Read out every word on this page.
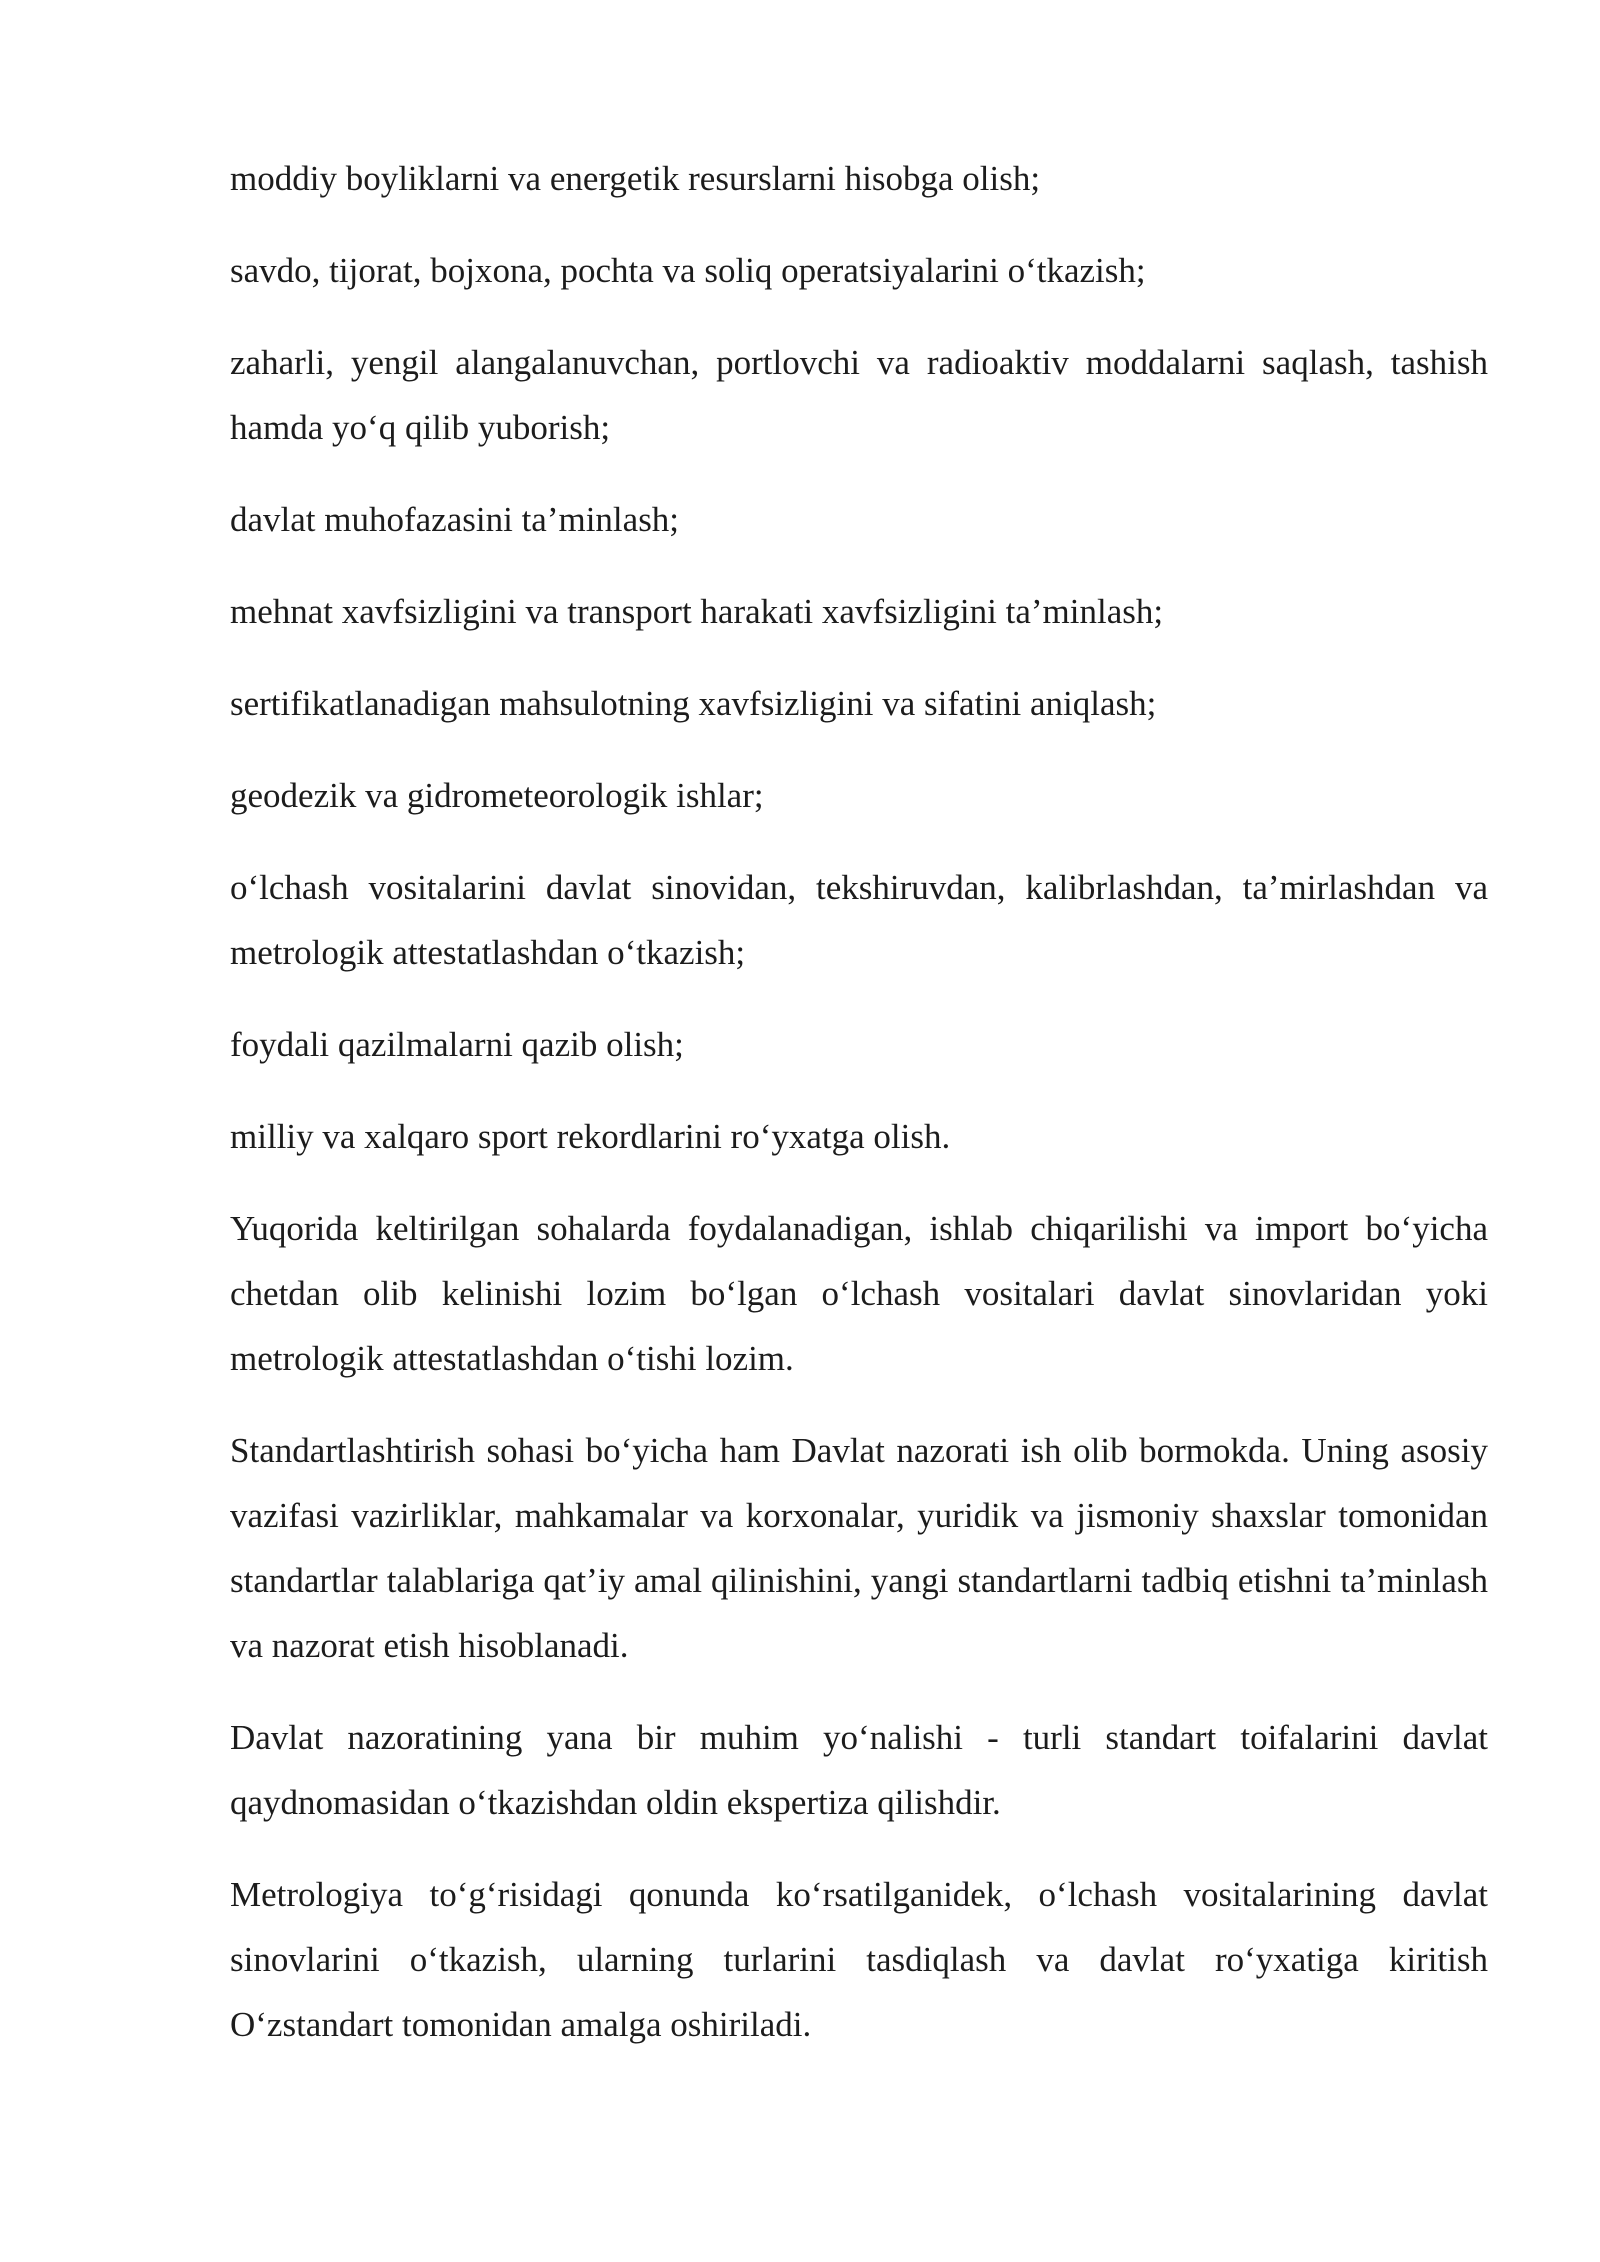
moddiy boyliklarni va energetik resurslarni hisobga olish;

savdo, tijorat, bojxona, pochta va soliq operatsiyalarini o‘tkazish;

zaharli, yengil alangalanuvchan, portlovchi va radioaktiv moddalarni saqlash, tashish hamda yo‘q qilib yuborish;

davlat muhofazasini ta’minlash;

mehnat xavfsizligini va transport harakati xavfsizligini ta’minlash;

sertifikatlanadigan mahsulotning xavfsizligini va sifatini aniqlash;

geodezik va gidrometeorologik ishlar;

o‘lchash vositalarini davlat sinovidan, tekshiruvdan, kalibrlashdan, ta’mirlashdan va metrologik attestatlashdan o‘tkazish;

foydali qazilmalarni qazib olish;

milliy va xalqaro sport rekordlarini ro‘yxatga olish.

Yuqorida keltirilgan sohalarda foydalanadigan, ishlab chiqarilishi va import bo‘yicha chetdan olib kelinishi lozim bo‘lgan o‘lchash vositalari davlat sinovlaridan yoki metrologik attestatlashdan o‘tishi lozim.

Standartlashtirish sohasi bo‘yicha ham Davlat nazorati ish olib bormokda. Uning asosiy vazifasi vazirliklar, mahkamalar va korxonalar, yuridik va jismoniy shaxslar tomonidan standartlar talablariga qat’iy amal qilinishini, yangi standartlarni tadbiq etishni ta’minlash va nazorat etish hisoblanadi.

Davlat nazoratining yana bir muhim yo‘nalishi - turli standart toifalarini davlat qaydnomasidan o‘tkazishdan oldin ekspertiza qilishdir.

Metrologiya to‘g‘risidagi qonunda ko‘rsatilganidek, o‘lchash vositalarining davlat sinovlarini o‘tkazish, ularning turlarini tasdiqlash va davlat ro‘yxatiga kiritish O‘zstandart tomonidan amalga oshiriladi.
